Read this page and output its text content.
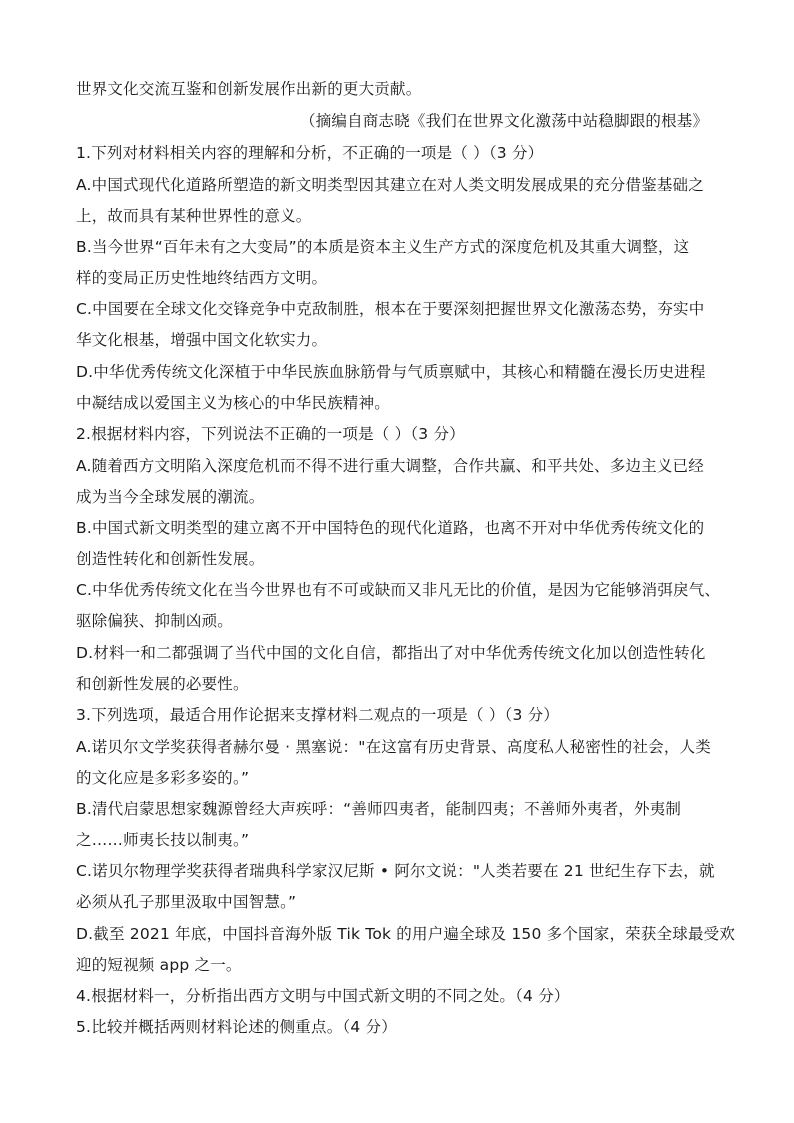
世界文化交流互鉴和创新发展作出新的更大贡献。
（摘编自商志晓《我们在世界文化激荡中站稳脚跟的根基》
1.下列对材料相关内容的理解和分析，不正确的一项是（ ）（3 分）
A.中国式现代化道路所塑造的新文明类型因其建立在对人类文明发展成果的充分借鉴基础之
上，故而具有某种世界性的意义。
B.当今世界“百年未有之大变局”的本质是资本主义生产方式的深度危机及其重大调整，这
样的变局正历史性地终结西方文明。
C.中国要在全球文化交锋竞争中克敌制胜，根本在于要深刻把握世界文化激荡态势，夯实中
华文化根基，增强中国文化软实力。
D.中华优秀传统文化深植于中华民族血脉筋骨与气质禀赋中，其核心和精髓在漫长历史进程
中凝结成以爱国主义为核心的中华民族精神。
2.根据材料内容，下列说法不正确的一项是（ ）（3 分）
A.随着西方文明陷入深度危机而不得不进行重大调整，合作共赢、和平共处、多边主义已经
成为当今全球发展的潮流。
B.中国式新文明类型的建立离不开中国特色的现代化道路，也离不开对中华优秀传统文化的
创造性转化和创新性发展。
C.中华优秀传统文化在当今世界也有不可或缺而又非凡无比的价值，是因为它能够消弭戾气、
驱除偏狭、抑制凶顽。
D.材料一和二都强调了当代中国的文化自信，都指出了对中华优秀传统文化加以创造性转化
和创新性发展的必要性。
3.下列选项，最适合用作论据来支撑材料二观点的一项是（ ）（3 分）
A.诺贝尔文学奖获得者赫尔曼 · 黑塞说："在这富有历史背景、高度私人秘密性的社会，人类
的文化应是多彩多姿的。”
B.清代启蒙思想家魏源曾经大声疾呼：“善师四夷者，能制四夷；不善师外夷者，外夷制
之……师夷长技以制夷。”
C.诺贝尔物理学奖获得者瑞典科学家汉尼斯 • 阿尔文说："人类若要在 21 世纪生存下去，就
必须从孔子那里汲取中国智慧。”
D.截至 2021 年底，中国抖音海外版 Tik Tok 的用户遍全球及 150 多个国家，荣获全球最受欢
迎的短视频 app 之一。
4.根据材料一，分析指出西方文明与中国式新文明的不同之处。（4 分）
5.比较并概括两则材料论述的侧重点。（4 分）
